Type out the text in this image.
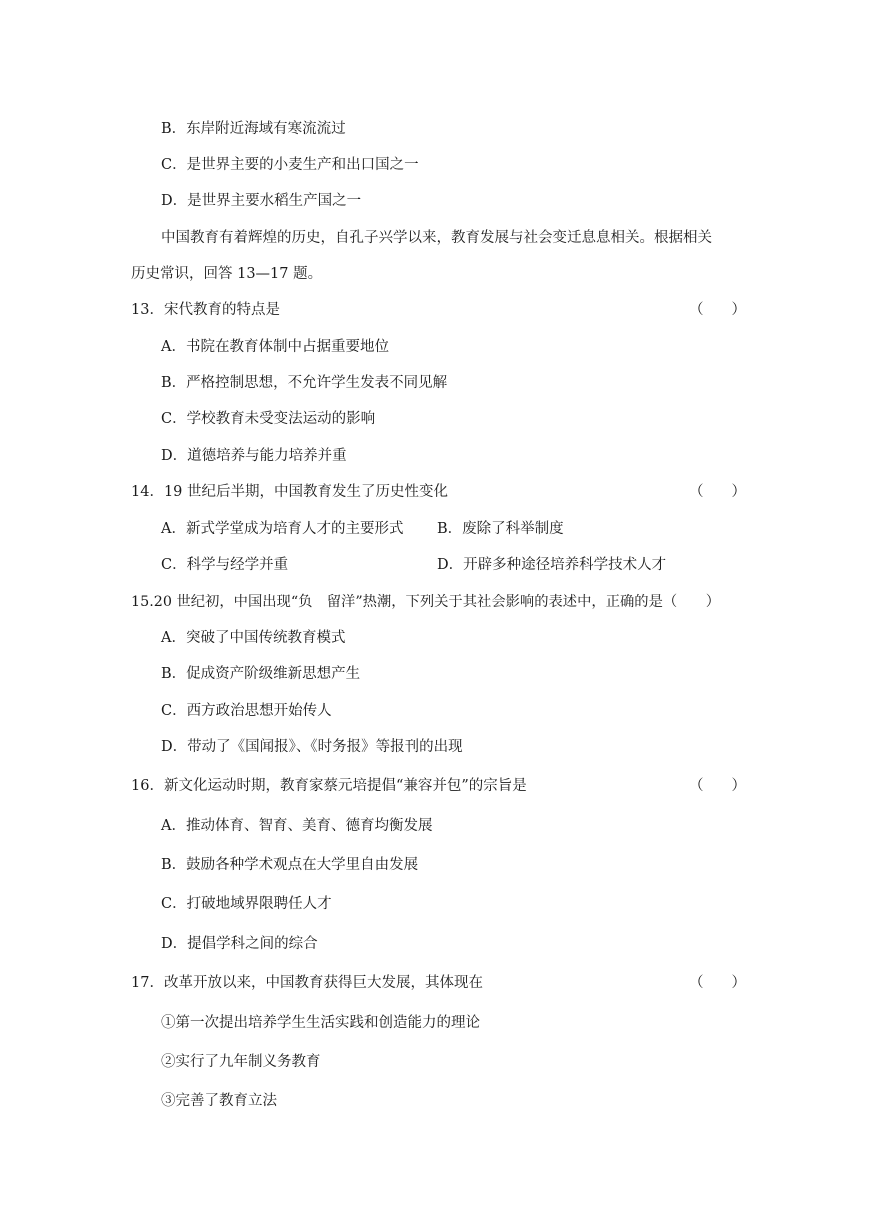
B．东岸附近海域有寒流流过
C．是世界主要的小麦生产和出口国之一
D．是世界主要水稻生产国之一
中国教育有着辉煌的历史，自孔子兴学以来，教育发展与社会变迁息息相关。根据相关
历史常识，回答 13—17 题。
13．宋代教育的特点是	（ ）
A．书院在教育体制中占据重要地位
B．严格控制思想，不允许学生发表不同见解
C．学校教育未受变法运动的影响
D．道德培养与能力培养并重
14．19 世纪后半期，中国教育发生了历史性变化	（ ）
A．新式学堂成为培育人才的主要形式 B．废除了科举制度
C．科学与经学并重	D．开辟多种途径培养科学技术人才
15.20 世纪初，中国出现“负　留洋”热潮，下列关于其社会影响的表述中，正确的是（　　）
A．突破了中国传统教育模式
B．促成资产阶级维新思想产生
C．西方政治思想开始传人
D．带动了《国闻报》、《时务报》等报刊的出现
16．新文化运动时期，教育家蔡元培提倡“兼容并包”的宗旨是	（ ）
A．推动体育、智育、美育、德育均衡发展
B．鼓励各种学术观点在大学里自由发展
C．打破地域界限聘任人才
D．提倡学科之间的综合
17．改革开放以来，中国教育获得巨大发展，其体现在	（ ）
①第一次提出培养学生生活实践和创造能力的理论
②实行了九年制义务教育
③完善了教育立法
